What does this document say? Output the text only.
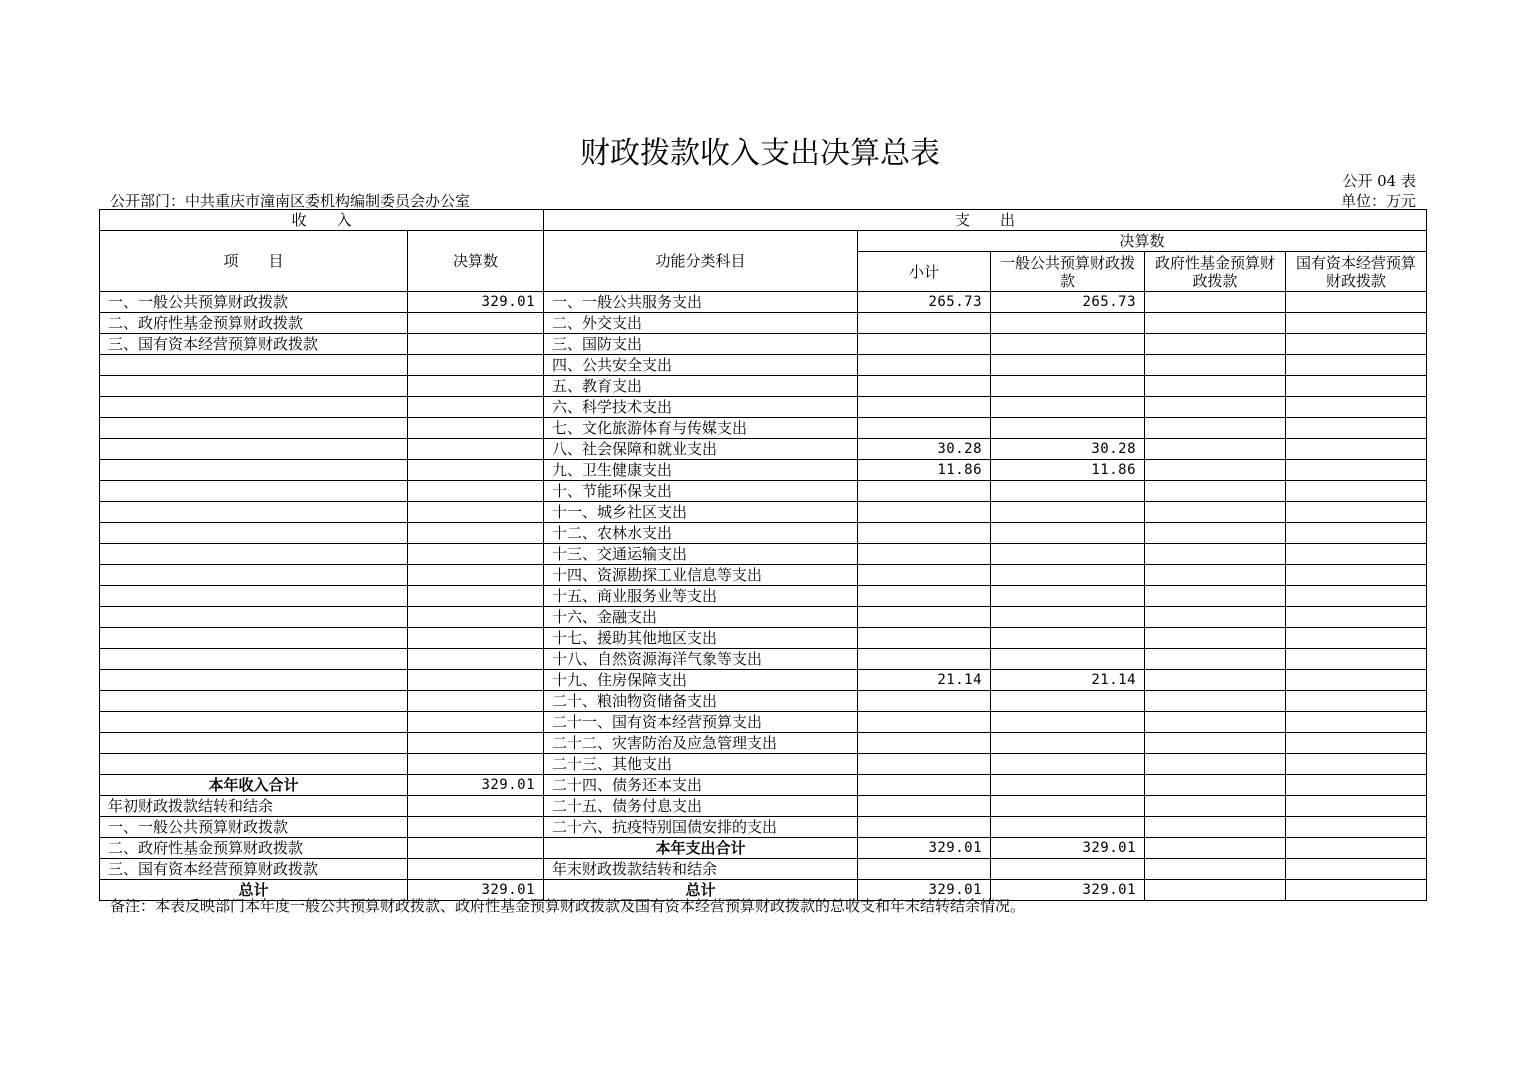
财政拨款收入支出决算总表
公开 04 表
公开部门：中共重庆市潼南区委机构编制委员会办公室	单位：万元
收　　入		支　　出				
项　　目	决算数	功能分类科目	决算数			
			小计	一般公共预算财政拨款	政府性基金预算财政拨款	国有资本经营预算财政拨款
一、一般公共预算财政拨款	329.01	一、一般公共服务支出	265.73	265.73		
二、政府性基金预算财政拨款		二、外交支出				
三、国有资本经营预算财政拨款		三、国防支出				
		四、公共安全支出				
		五、教育支出				
		六、科学技术支出				
		七、文化旅游体育与传媒支出				
		八、社会保障和就业支出	30.28	30.28		
		九、卫生健康支出	11.86	11.86		
		十、节能环保支出				
		十一、城乡社区支出				
		十二、农林水支出				
		十三、交通运输支出				
		十四、资源勘探工业信息等支出				
		十五、商业服务业等支出				
		十六、金融支出				
		十七、援助其他地区支出				
		十八、自然资源海洋气象等支出				
		十九、住房保障支出	21.14	21.14		
		二十、粮油物资储备支出				
		二十一、国有资本经营预算支出				
		二十二、灾害防治及应急管理支出				
		二十三、其他支出				
本年收入合计	329.01	二十四、债务还本支出				
年初财政拨款结转和结余		二十五、债务付息支出				
一、一般公共预算财政拨款		二十六、抗疫特别国债安排的支出				
二、政府性基金预算财政拨款		本年支出合计	329.01	329.01		
三、国有资本经营预算财政拨款		年末财政拨款结转和结余				
总计	329.01	总计	329.01	329.01		
备注：本表反映部门本年度一般公共预算财政拨款、政府性基金预算财政拨款及国有资本经营预算财政拨款的总收支和年末结转结余情况。
